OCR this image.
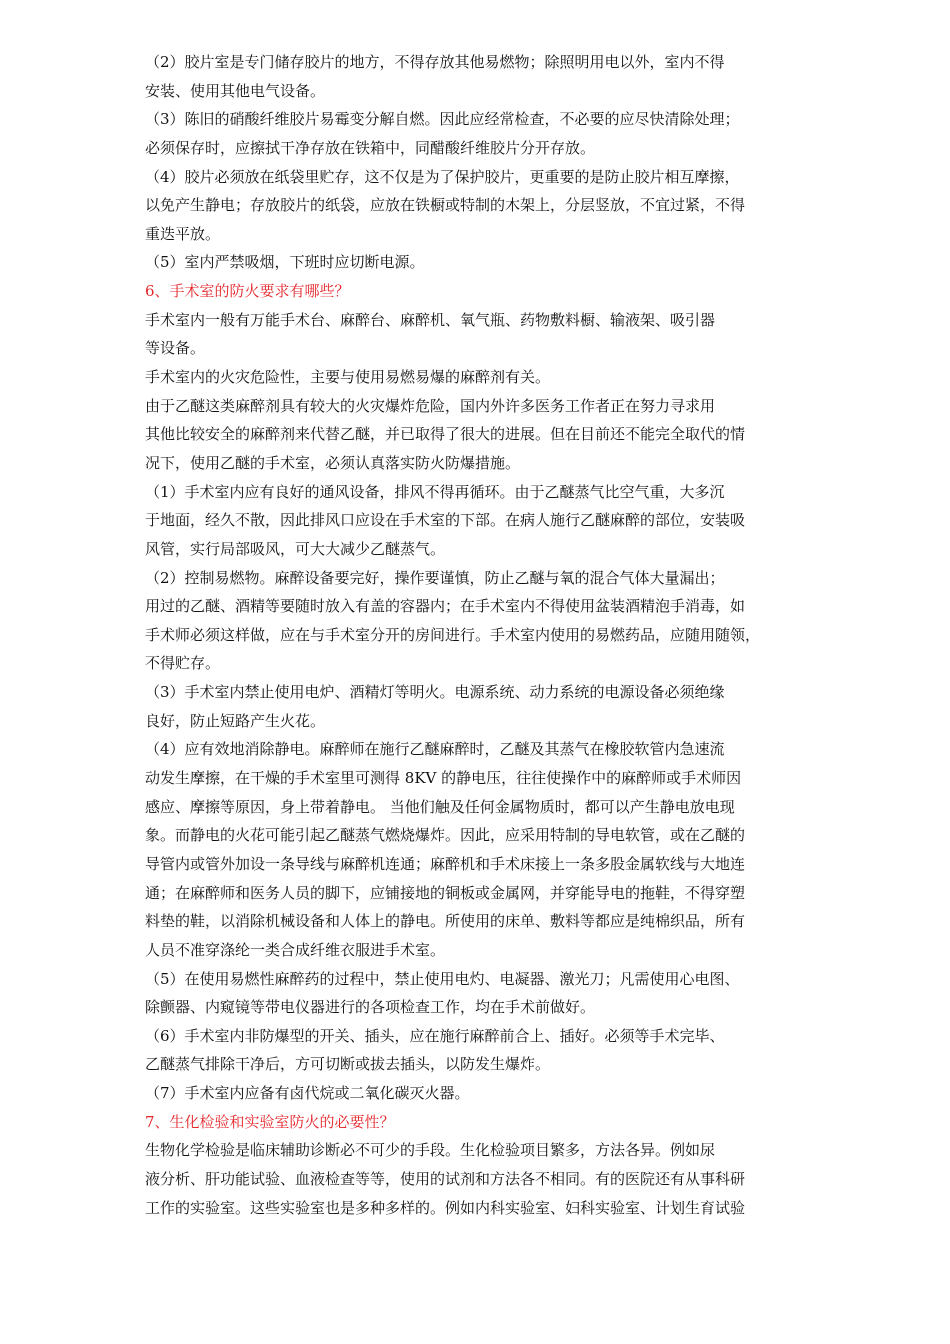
（2）胶片室是专门储存胶片的地方，不得存放其他易燃物；除照明用电以外，室内不得
安装、使用其他电气设备。
（3）陈旧的硝酸纤维胶片易霉变分解自燃。因此应经常检查，不必要的应尽快清除处理；
必须保存时，应擦拭干净存放在铁箱中，同醋酸纤维胶片分开存放。
（4）胶片必须放在纸袋里贮存，这不仅是为了保护胶片，更重要的是防止胶片相互摩擦，
以免产生静电；存放胶片的纸袋，应放在铁橱或特制的木架上，分层竖放，不宜过紧，不得
重迭平放。
（5）室内严禁吸烟，下班时应切断电源。
6、手术室的防火要求有哪些？
手术室内一般有万能手术台、麻醉台、麻醉机、氧气瓶、药物敷料橱、输液架、吸引器
等设备。
手术室内的火灾危险性，主要与使用易燃易爆的麻醉剂有关。
由于乙醚这类麻醉剂具有较大的火灾爆炸危险，国内外许多医务工作者正在努力寻求用
其他比较安全的麻醉剂来代替乙醚，并已取得了很大的进展。但在目前还不能完全取代的情
况下，使用乙醚的手术室，必须认真落实防火防爆措施。
（1）手术室内应有良好的通风设备，排风不得再循环。由于乙醚蒸气比空气重，大多沉
于地面，经久不散，因此排风口应设在手术室的下部。在病人施行乙醚麻醉的部位，安装吸
风管，实行局部吸风，可大大减少乙醚蒸气。
（2）控制易燃物。麻醉设备要完好，操作要谨慎，防止乙醚与氧的混合气体大量漏出；
用过的乙醚、酒精等要随时放入有盖的容器内；在手术室内不得使用盆装酒精泡手消毒，如
手术师必须这样做，应在与手术室分开的房间进行。手术室内使用的易燃药品，应随用随领，
不得贮存。
（3）手术室内禁止使用电炉、酒精灯等明火。电源系统、动力系统的电源设备必须绝缘
良好，防止短路产生火花。
（4）应有效地消除静电。麻醉师在施行乙醚麻醉时，乙醚及其蒸气在橡胶软管内急速流
动发生摩擦，在干燥的手术室里可测得 8KV 的静电压，往往使操作中的麻醉师或手术师因
感应、摩擦等原因，身上带着静电。 当他们触及任何金属物质时，都可以产生静电放电现
象。而静电的火花可能引起乙醚蒸气燃烧爆炸。因此，应采用特制的导电软管，或在乙醚的
导管内或管外加设一条导线与麻醉机连通；麻醉机和手术床接上一条多股金属软线与大地连
通；在麻醉师和医务人员的脚下，应铺接地的铜板或金属网，并穿能导电的拖鞋，不得穿塑
料垫的鞋，以消除机械设备和人体上的静电。所使用的床单、敷料等都应是纯棉织品，所有
人员不准穿涤纶一类合成纤维衣服进手术室。
（5）在使用易燃性麻醉药的过程中，禁止使用电灼、电凝器、激光刀；凡需使用心电图、
除颤器、内窥镜等带电仪器进行的各项检查工作，均在手术前做好。
（6）手术室内非防爆型的开关、插头，应在施行麻醉前合上、插好。必须等手术完毕、
乙醚蒸气排除干净后，方可切断或拔去插头，以防发生爆炸。
（7）手术室内应备有卤代烷或二氧化碳灭火器。
7、生化检验和实验室防火的必要性？
生物化学检验是临床辅助诊断必不可少的手段。生化检验项目繁多，方法各异。例如尿
液分析、肝功能试验、血液检查等等，使用的试剂和方法各不相同。有的医院还有从事科研
工作的实验室。这些实验室也是多种多样的。例如内科实验室、妇科实验室、计划生育试验
